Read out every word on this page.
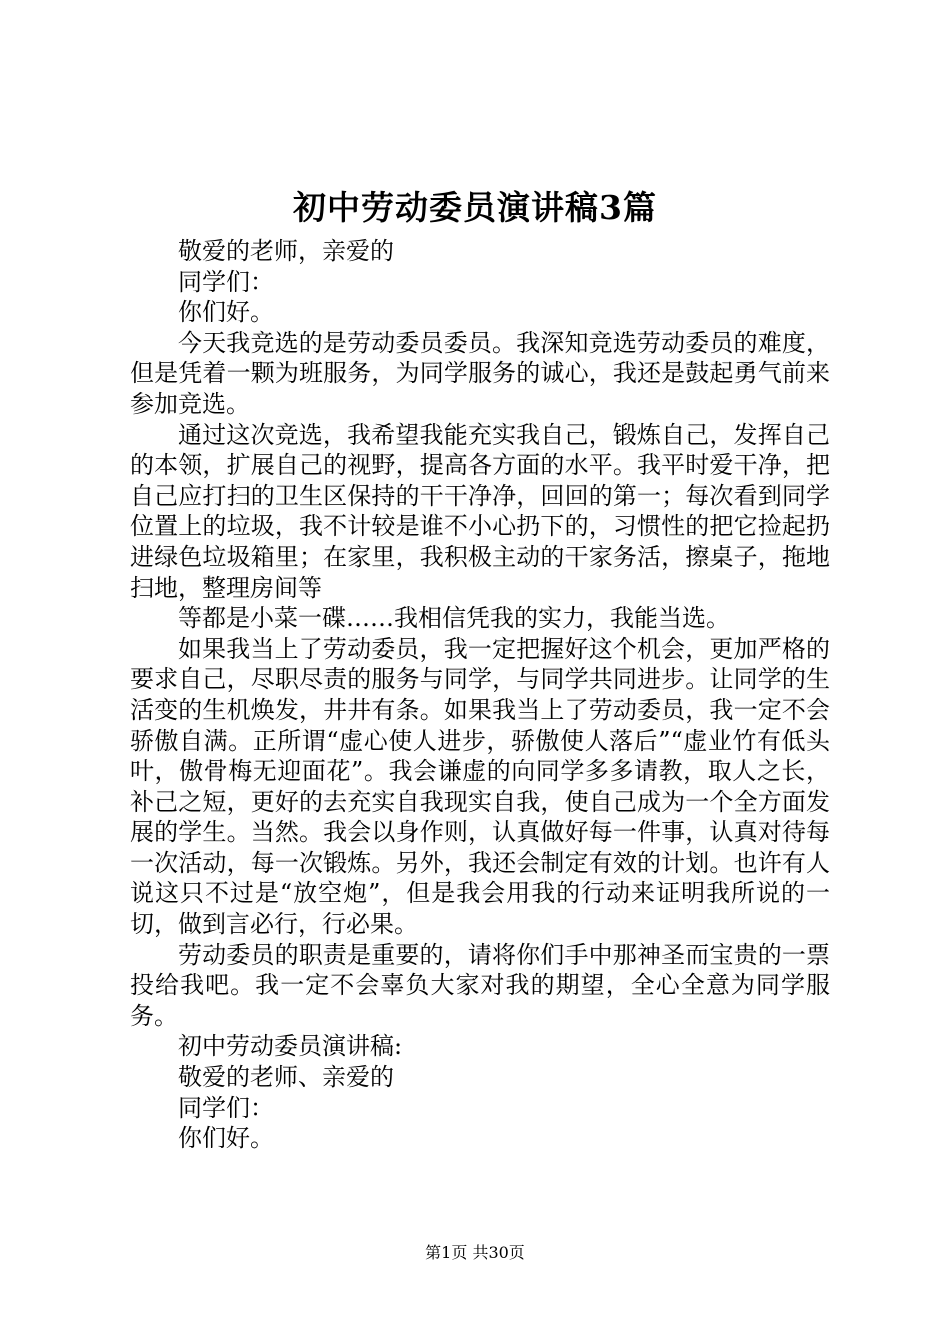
初中劳动委员演讲稿3篇

敬爱的老师，亲爱的

同学们：

你们好。

今天我竞选的是劳动委员委员。我深知竞选劳动委员的难度，但是凭着一颗为班服务，为同学服务的诚心，我还是鼓起勇气前来参加竞选。

通过这次竞选，我希望我能充实我自己，锻炼自己，发挥自己的本领，扩展自己的视野，提高各方面的水平。我平时爱干净，把自己应打扫的卫生区保持的干干净净，回回的第一；每次看到同学位置上的垃圾，我不计较是谁不小心扔下的，习惯性的把它捡起扔进绿色垃圾箱里；在家里，我积极主动的干家务活，擦桌子，拖地扫地，整理房间等

等都是小菜一碟……我相信凭我的实力，我能当选。

如果我当上了劳动委员，我一定把握好这个机会，更加严格的要求自己，尽职尽责的服务与同学，与同学共同进步。让同学的生活变的生机焕发，井井有条。如果我当上了劳动委员，我一定不会骄傲自满。正所谓“虚心使人进步，骄傲使人落后”“虚业竹有低头叶，傲骨梅无迎面花”。我会谦虚的向同学多多请教，取人之长，补己之短，更好的去充实自我现实自我，使自己成为一个全方面发展的学生。当然。我会以身作则，认真做好每一件事，认真对待每一次活动，每一次锻炼。另外，我还会制定有效的计划。也许有人说这只不过是“放空炮”，但是我会用我的行动来证明我所说的一切，做到言必行，行必果。

劳动委员的职责是重要的，请将你们手中那神圣而宝贵的一票投给我吧。我一定不会辜负大家对我的期望，全心全意为同学服务。

初中劳动委员演讲稿:

敬爱的老师、亲爱的

同学们：

你们好。

第1页 共30页
